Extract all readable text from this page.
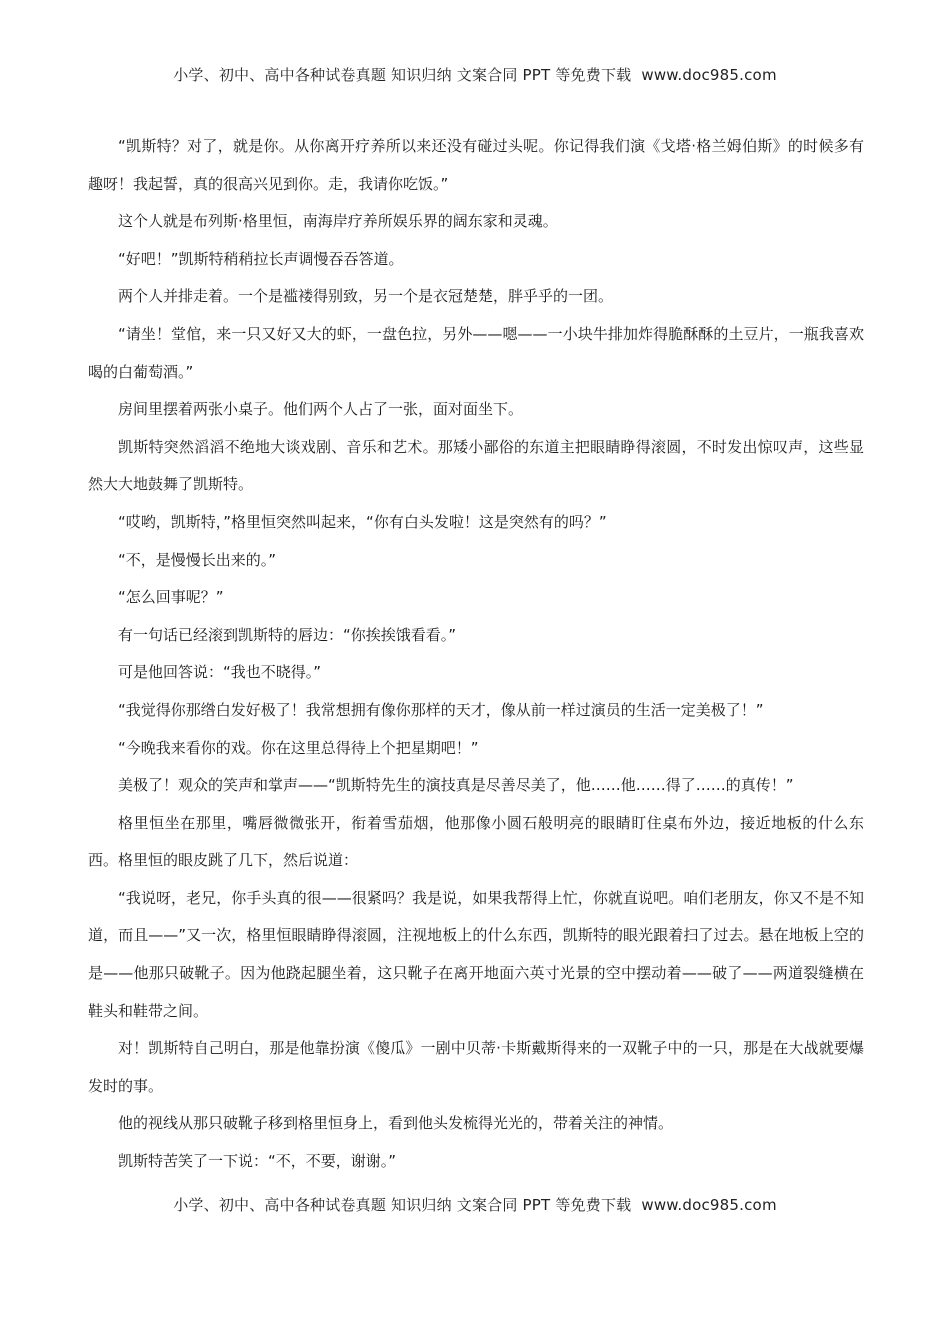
小学、初中、高中各种试卷真题 知识归纳 文案合同 PPT 等免费下载 www.doc985.com

“凯斯特？对了，就是你。从你离开疗养所以来还没有碰过头呢。你记得我们演《戈塔·格兰姆伯斯》的时候多有趣呀！我起誓，真的很高兴见到你。走，我请你吃饭。”

这个人就是布列斯·格里恒，南海岸疗养所娱乐界的阔东家和灵魂。

“好吧！”凯斯特稍稍拉长声调慢吞吞答道。

两个人并排走着。一个是褴褛得别致，另一个是衣冠楚楚，胖乎乎的一团。

“请坐！堂倌，来一只又好又大的虾，一盘色拉，另外——嗯——一小块牛排加炸得脆酥酥的土豆片，一瓶我喜欢喝的白葡萄酒。”

房间里摆着两张小桌子。他们两个人占了一张，面对面坐下。

凯斯特突然滔滔不绝地大谈戏剧、音乐和艺术。那矮小鄙俗的东道主把眼睛睁得滚圆，不时发出惊叹声，这些显然大大地鼓舞了凯斯特。

“哎哟，凯斯特，”格里恒突然叫起来，“你有白头发啦！这是突然有的吗？”

“不，是慢慢长出来的。”

“怎么回事呢？”

有一句话已经滚到凯斯特的唇边：“你挨挨饿看看。”

可是他回答说：“我也不晓得。”

“我觉得你那绺白发好极了！我常想拥有像你那样的天才，像从前一样过演员的生活一定美极了！”

“今晚我来看你的戏。你在这里总得待上个把星期吧！”

美极了！观众的笑声和掌声——“凯斯特先生的演技真是尽善尽美了，他……他……得了……的真传！”

格里恒坐在那里，嘴唇微微张开，衔着雪茄烟，他那像小圆石般明亮的眼睛盯住桌布外边，接近地板的什么东西。格里恒的眼皮跳了几下，然后说道：

“我说呀，老兄，你手头真的很——很紧吗？我是说，如果我帮得上忙，你就直说吧。咱们老朋友，你又不是不知道，而且——”又一次，格里恒眼睛睁得滚圆，注视地板上的什么东西，凯斯特的眼光跟着扫了过去。悬在地板上空的是——他那只破靴子。因为他跷起腿坐着，这只靴子在离开地面六英寸光景的空中摆动着——破了——两道裂缝横在鞋头和鞋带之间。

对！凯斯特自己明白，那是他靠扮演《傻瓜》一剧中贝蒂·卡斯戴斯得来的一双靴子中的一只，那是在大战就要爆发时的事。

他的视线从那只破靴子移到格里恒身上，看到他头发梳得光光的，带着关注的神情。

凯斯特苦笑了一下说：“不，不要，谢谢。”

小学、初中、高中各种试卷真题 知识归纳 文案合同 PPT 等免费下载 www.doc985.com
